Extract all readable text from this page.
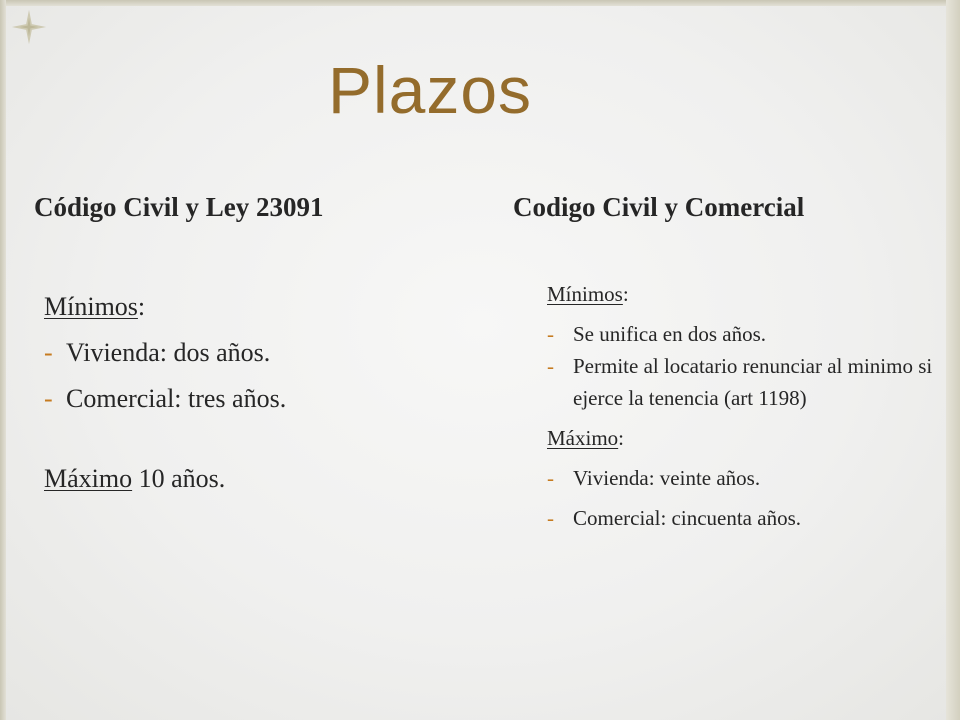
Plazos
Código Civil y Ley 23091	Codigo Civil y Comercial
Mínimos:
- Vivienda: dos años.
- Comercial: tres años.
Máximo 10 años.
Mínimos:
- Se unifica en dos años.
- Permite al locatario renunciar al minimo si ejerce la tenencia (art 1198)
Máximo:
- Vivienda: veinte años.
- Comercial: cincuenta años.
